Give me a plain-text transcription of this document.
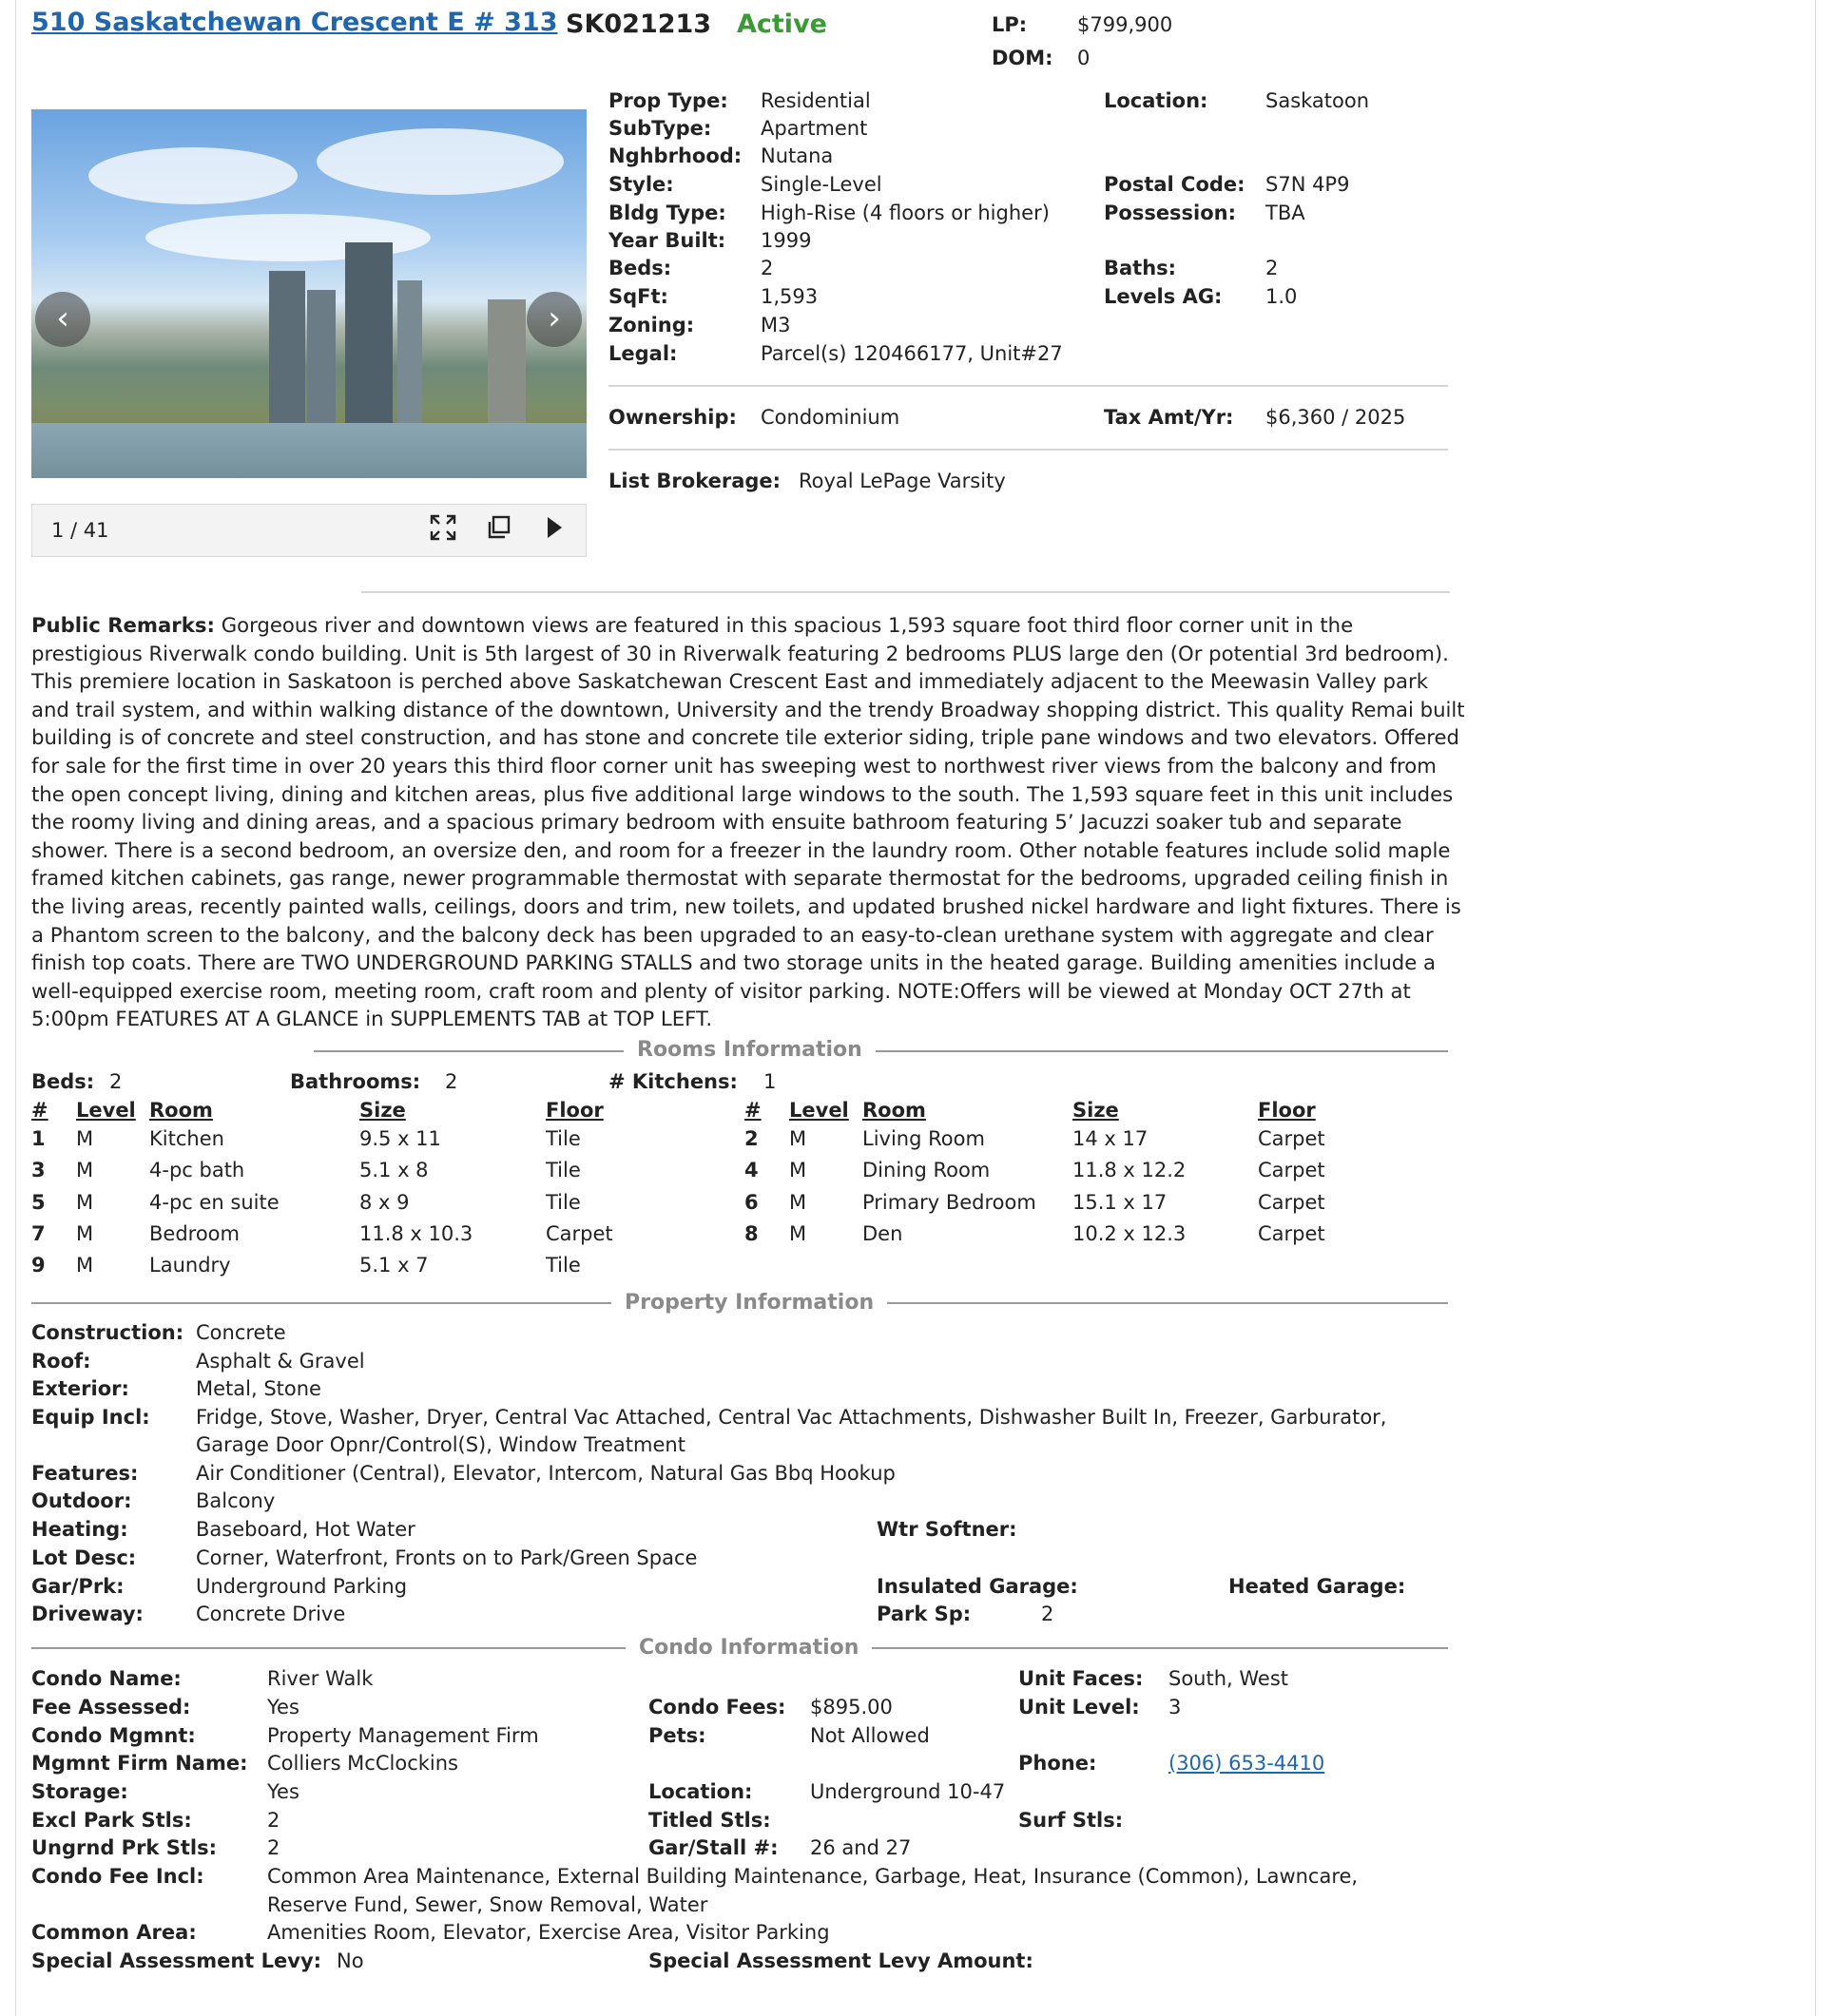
510 Saskatchewan Crescent E # 313 SK021213 Active	LP:	$799,900
DOM: 0
‹	›
1 / 41
Prop Type: Residential
SubType: Apartment
Nghbrhood: Nutana
Style:	Single-Level
Bldg Type: High-Rise (4 floors or higher)
Year Built: 1999
Beds:	2
SqFt:	1,593
Zoning:	M3
Legal:	Parcel(s) 120466177, Unit#27
Location:	Saskatoon
Postal Code: S7N 4P9
Possession: TBA
Baths:	2
Levels AG: 1.0
Ownership: Condominium	Tax Amt/Yr: $6,360 / 2025
List Brokerage: Royal LePage Varsity
Public Remarks: Gorgeous river and downtown views are featured in this spacious 1,593 square foot third floor corner unit in the prestigious Riverwalk condo building. Unit is 5th largest of 30 in Riverwalk featuring 2 bedrooms PLUS large den (Or potential 3rd bedroom). This premiere location in Saskatoon is perched above Saskatchewan Crescent East and immediately adjacent to the Meewasin Valley park and trail system, and within walking distance of the downtown, University and the trendy Broadway shopping district. This quality Remai built building is of concrete and steel construction, and has stone and concrete tile exterior siding, triple pane windows and two elevators. Offered for sale for the first time in over 20 years this third floor corner unit has sweeping west to northwest river views from the balcony and from the open concept living, dining and kitchen areas, plus five additional large windows to the south. The 1,593 square feet in this unit includes the roomy living and dining areas, and a spacious primary bedroom with ensuite bathroom featuring 5’ Jacuzzi soaker tub and separate shower. There is a second bedroom, an oversize den, and room for a freezer in the laundry room. Other notable features include solid maple framed kitchen cabinets, gas range, newer programmable thermostat with separate thermostat for the bedrooms, upgraded ceiling finish in the living areas, recently painted walls, ceilings, doors and trim, new toilets, and updated brushed nickel hardware and light fixtures. There is a Phantom screen to the balcony, and the balcony deck has been upgraded to an easy-to-clean urethane system with aggregate and clear finish top coats. There are TWO UNDERGROUND PARKING STALLS and two storage units in the heated garage. Building amenities include a well-equipped exercise room, meeting room, craft room and plenty of visitor parking. NOTE:Offers will be viewed at Monday OCT 27th at 5:00pm FEATURES AT A GLANCE in SUPPLEMENTS TAB at TOP LEFT.
Rooms Information
Beds: 2	Bathrooms: 2	# Kitchens: 1
# Level Room	Size	Floor	# Level Room	Size	Floor
1 M	Kitchen	9.5 x 11	Tile
3 M	4-pc bath	5.1 x 8	Tile
5 M	4-pc en suite	8 x 9	Tile
7 M	Bedroom	11.8 x 10.3	Carpet
9 M	Laundry	5.1 x 7	Tile
2 M	Living Room	14 x 17	Carpet
4 M	Dining Room	11.8 x 12.2	Carpet
6 M	Primary Bedroom 15.1 x 17	Carpet
8 M	Den	10.2 x 12.3	Carpet
Property Information
Construction: Concrete
Roof:	Asphalt & Gravel
Exterior:	Metal, Stone
Equip Incl: Fridge, Stove, Washer, Dryer, Central Vac Attached, Central Vac Attachments, Dishwasher Built In, Freezer, Garburator,
Garage Door Opnr/Control(S), Window Treatment
Features:	Air Conditioner (Central), Elevator, Intercom, Natural Gas Bbq Hookup
Outdoor:	Balcony
Heating:	Baseboard, Hot Water	Wtr Softner:
Lot Desc:	Corner, Waterfront, Fronts on to Park/Green Space
Gar/Prk:	Underground Parking	Insulated Garage:	Heated Garage:
Driveway:	Concrete Drive	Park Sp:	2
Condo Information
Condo Name:	River Walk	Unit Faces: South, West
Fee Assessed:	Yes	Condo Fees: $895.00	Unit Level: 3
Condo Mgmnt:	Property Management Firm	Pets:	Not Allowed
Mgmnt Firm Name: Colliers McClockins	Phone:	(306) 653-4410
Storage:	Yes	Location:	Underground 10-47
Excl Park Stls:	2	Titled Stls:	Surf Stls:
Ungrnd Prk Stls:	2	Gar/Stall #: 26 and 27
Condo Fee Incl:	Common Area Maintenance, External Building Maintenance, Garbage, Heat, Insurance (Common), Lawncare,
Reserve Fund, Sewer, Snow Removal, Water
Common Area:	Amenities Room, Elevator, Exercise Area, Visitor Parking
Special Assessment Levy: No	Special Assessment Levy Amount:
